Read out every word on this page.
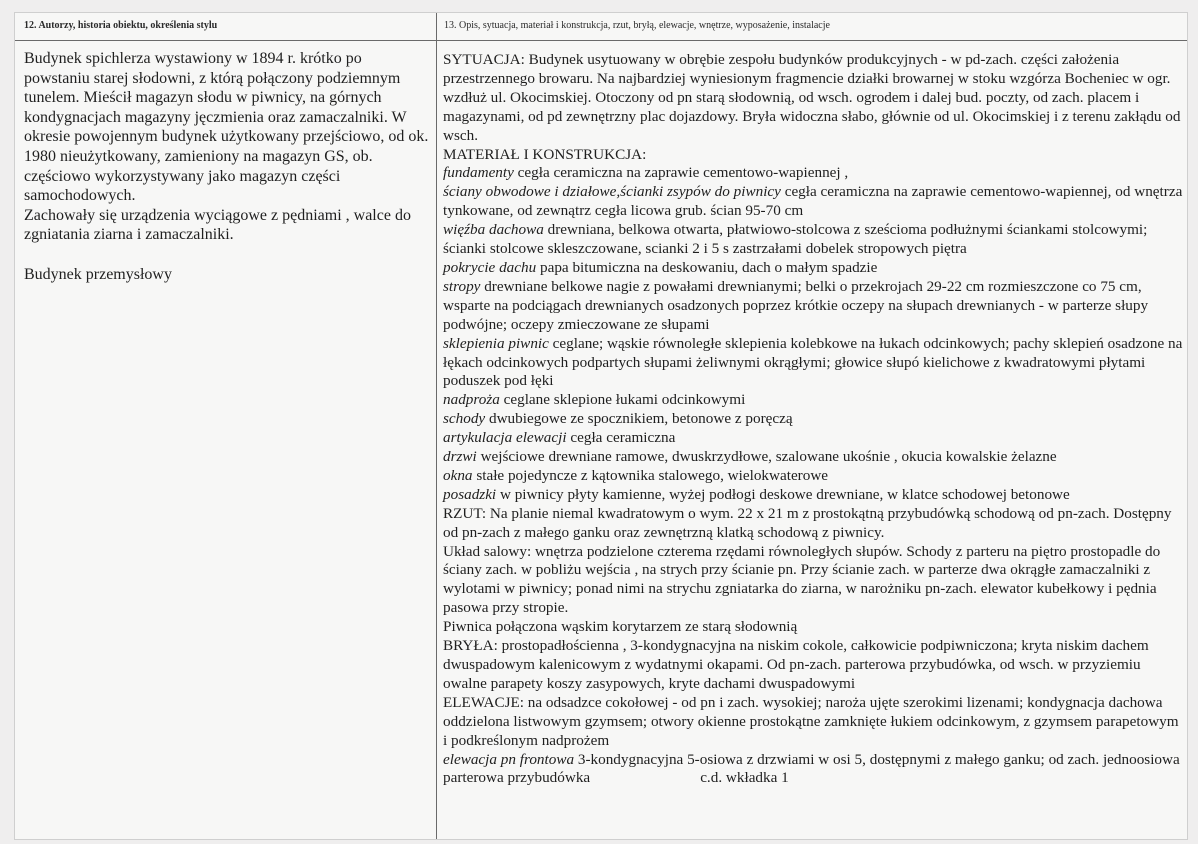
12. Autorzy, historia obiektu, określenia stylu	13. Opis, sytuacja, materiał i konstrukcja, rzut, bryłą, elewacje, wnętrze, wyposażenie, instalacje

Budynek spichlerza wystawiony w 1894 r. krótko po powstaniu starej słodowni, z którą połączony podziemnym tunelem. Mieścił magazyn słodu w piwnicy, na górnych kondygnacjach magazyny jęczmienia oraz zamaczalniki. W okresie powojennym budynek użytkowany przejściowo, od ok. 1980 nieużytkowany, zamieniony na magazyn GS, ob. częściowo wykorzystywany jako magazyn części samochodowych.

Zachowały się urządzenia wyciągowe z pędniami , walce do zgniatania ziarna i zamaczalniki.

Budynek przemysłowy

SYTUACJA: Budynek usytuowany w obrębie zespołu budynków produkcyjnych - w pd-zach. części założenia przestrzennego browaru. Na najbardziej wyniesionym fragmencie działki browarnej w stoku wzgórza Bocheniec w ogr. wzdłuż ul. Okocimskiej. Otoczony od pn starą słodownią, od wsch. ogrodem i dalej bud. poczty, od zach. placem i magazynami, od pd zewnętrzny plac dojazdowy. Bryła widoczna słabo, głównie od ul. Okocimskiej i z terenu zakłądu od wsch.

MATERIAŁ I KONSTRUKCJA:

fundamenty cegła ceramiczna na zaprawie cementowo-wapiennej ,

ściany obwodowe i działowe,ścianki zsypów do piwnicy cegła ceramiczna na zaprawie cementowo-wapiennej, od wnętrza tynkowane, od zewnątrz cegła licowa grub. ścian 95-70 cm

więźba dachowa drewniana, belkowa otwarta, płatwiowo-stolcowa z sześcioma podłużnymi ściankami stolcowymi; ścianki stolcowe skleszczowane, scianki 2 i 5 s zastrzałami dobelek stropowych piętra

pokrycie dachu papa bitumiczna na deskowaniu, dach o małym spadzie

stropy drewniane belkowe nagie z powałami drewnianymi; belki o przekrojach 29-22 cm rozmieszczone co 75 cm, wsparte na podciągach drewnianych osadzonych poprzez krótkie oczepy na słupach drewnianych - w parterze słupy podwójne; oczepy zmieczowane ze słupami

sklepienia piwnic ceglane; wąskie równoległe sklepienia kolebkowe na łukach odcinkowych; pachy sklepień osadzone na łękach odcinkowych podpartych słupami żeliwnymi okrągłymi; głowice słupó kielichowe z kwadratowymi płytami poduszek pod łęki

nadproża ceglane sklepione łukami odcinkowymi

schody dwubiegowe ze spocznikiem, betonowe z poręczą

artykulacja elewacji cegła ceramiczna

drzwi wejściowe drewniane ramowe, dwuskrzydłowe, szalowane ukośnie , okucia kowalskie żelazne

okna stałe pojedyncze z kątownika stalowego, wielokwaterowe

posadzki w piwnicy płyty kamienne, wyżej podłogi deskowe drewniane, w klatce schodowej betonowe

RZUT: Na planie niemal kwadratowym o wym. 22 x 21 m z prostokątną przybudówką schodową od pn-zach. Dostępny od pn-zach z małego ganku oraz zewnętrzną klatką schodową z piwnicy.

Układ salowy: wnętrza podzielone czterema rzędami równoległych słupów. Schody z parteru na piętro prostopadle do ściany zach. w pobliżu wejścia , na strych przy ścianie pn. Przy ścianie zach. w parterze dwa okrągłe zamaczalniki z wylotami w piwnicy; ponad nimi na strychu zgniatarka do ziarna, w narożniku pn-zach. elewator kubełkowy i pędnia pasowa przy stropie.

Piwnica połączona wąskim korytarzem ze starą słodownią

BRYŁA: prostopadłościenna , 3-kondygnacyjna na niskim cokole, całkowicie podpiwniczona; kryta niskim dachem dwuspadowym kalenicowym z wydatnymi okapami. Od pn-zach. parterowa przybudówka, od wsch. w przyziemiu owalne parapety koszy zasypowych, kryte dachami dwuspadowymi

ELEWACJE: na odsadzce cokołowej - od pn i zach. wysokiej; naroża ujęte szerokimi lizenami; kondygnacja dachowa oddzielona listwowym gzymsem; otwory okienne prostokątne zamknięte łukiem odcinkowym, z gzymsem parapetowym i podkreślonym nadprożem

elewacja pn frontowa 3-kondygnacyjna 5-osiowa z drzwiami w osi 5, dostępnymi z małego ganku; od zach. jednoosiowa parterowa przybudówka	c.d. wkładka 1
